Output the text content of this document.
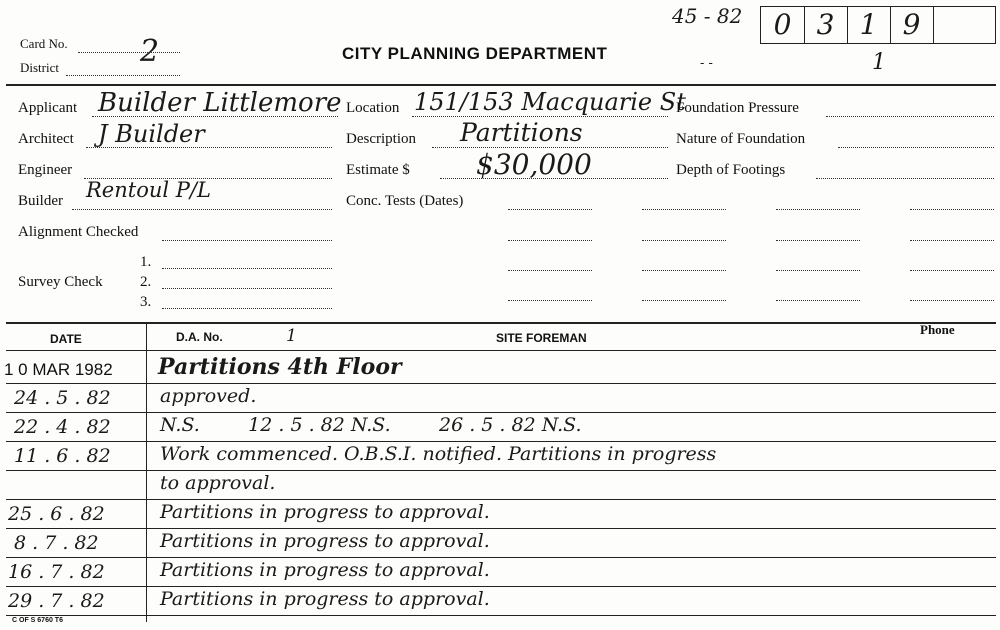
Card No. 2
District
CITY PLANNING DEPARTMENT
45 - 82	0 3 1 9
- -	1
Applicant Builder Littlemore
Architect J Builder
Engineer
Builder Rentoul P/L
Alignment Checked
Survey Check
1.
2.
3.
Location 151/153 Macquarie St
Description Partitions
Estimate $ $30,000
Conc. Tests (Dates)
Foundation Pressure
Nature of Foundation
Depth of Footings
DATE	D.A. No.	1	SITE FOREMAN
Phone
1 0 MAR 1982 Partitions 4th Floor
24 . 5 . 82	approved.
22 . 4 . 82	N.S.        12 . 5 . 82 N.S.        26 . 5 . 82 N.S.
11 . 6 . 82	Work commenced. O.B.S.I. notified. Partitions in progress
to approval.
25 . 6 . 82	Partitions in progress to approval.
8 . 7 . 82	Partitions in progress to approval.
16 . 7 . 82	Partitions in progress to approval.
29 . 7 . 82	Partitions in progress to approval.
C OF S 6760 T6
